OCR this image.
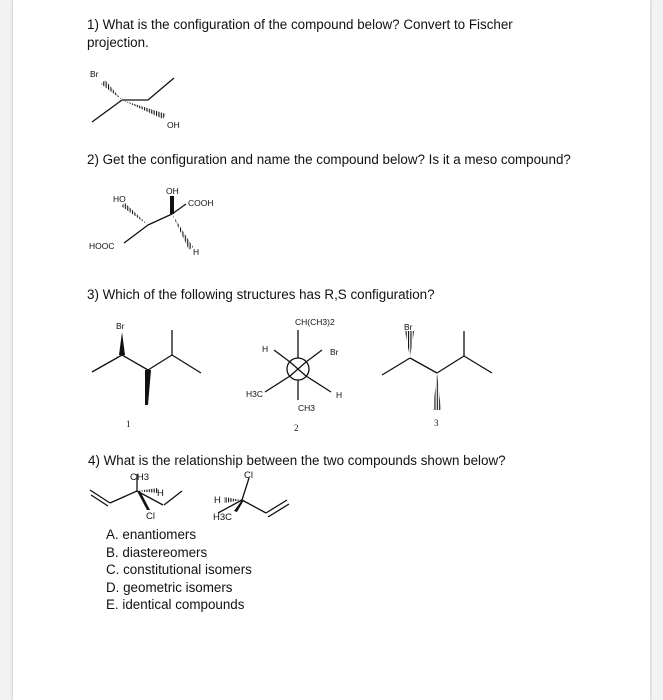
1) What is the configuration of the compound below? Convert to Fischer projection.

2) Get the configuration and name the compound below? Is it a meso compound?

3) Which of the following structures has R,S configuration?

4) What is the relationship between the two compounds shown below?

A. enantiomers
B. diastereomers
C. constitutional isomers
D. geometric isomers
E. identical compounds
Br
OH
HO
OH
COOH
HOOC
H
Br
1
CH(CH3)2
H	Br
H3C	H
CH3
2
Br
3
CH3
H
Cl
Cl
H
H3C
